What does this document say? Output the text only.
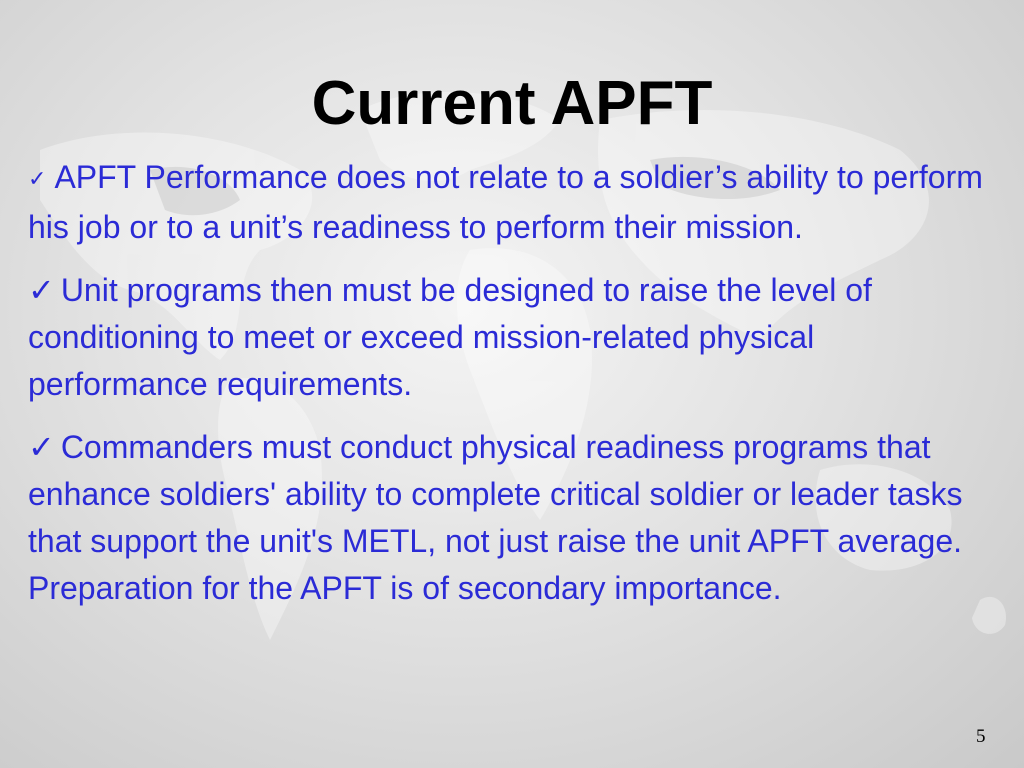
Current APFT
✓ APFT Performance does not relate to a soldier’s ability to perform his job or to a unit’s readiness to perform their mission.
✓ Unit programs then must be designed to raise the level of conditioning to meet or exceed mission-related physical performance requirements.
✓ Commanders must conduct physical readiness programs that enhance soldiers' ability to complete critical soldier or leader tasks that support the unit's METL, not just raise the unit APFT average. Preparation for the APFT is of secondary importance.
5
